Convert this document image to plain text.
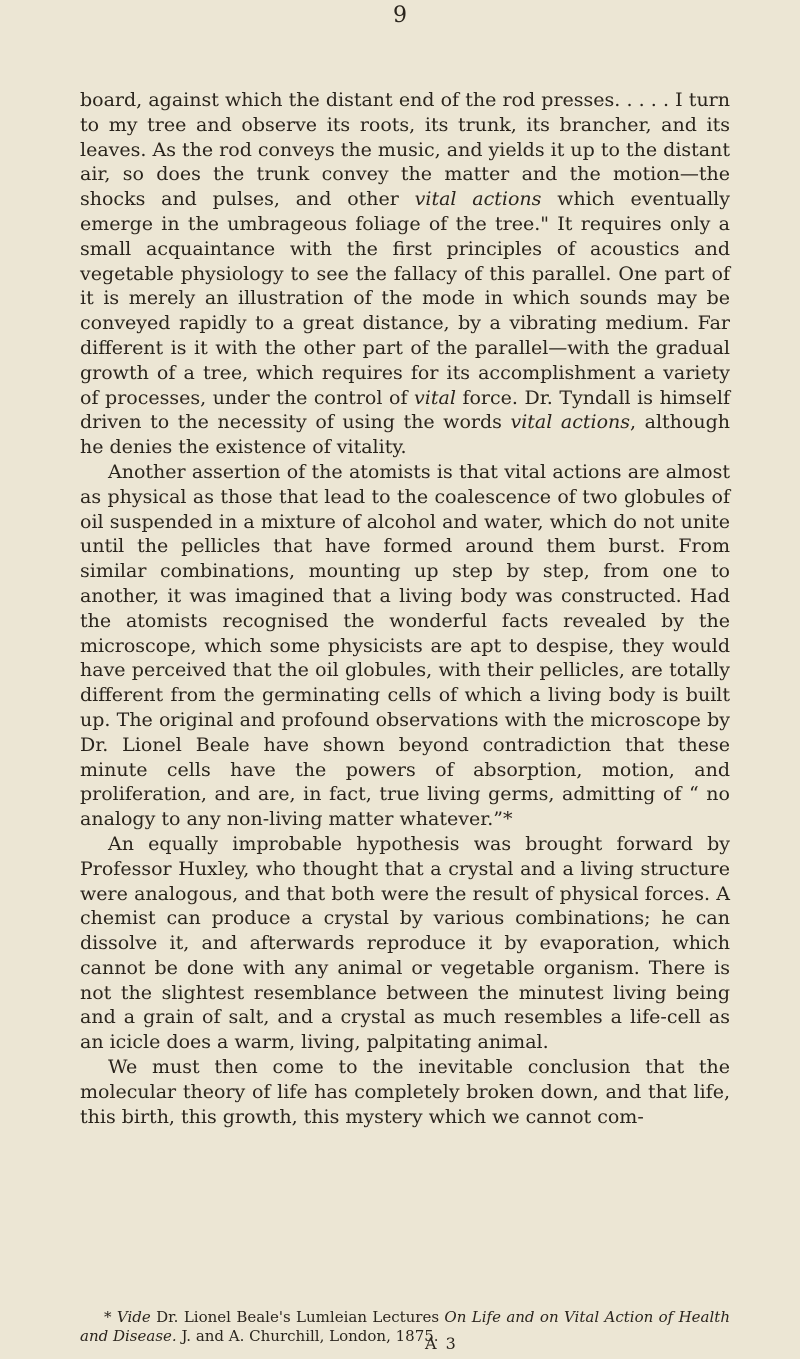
9

board, against which the distant end of the rod presses. . . . . I turn to my tree and observe its roots, its trunk, its brancher, and its leaves. As the rod conveys the music, and yields it up to the distant air, so does the trunk convey the matter and the motion—the shocks and pulses, and other vital actions which eventually emerge in the umbrageous foliage of the tree." It requires only a small acquaintance with the first principles of acoustics and vegetable physiology to see the fallacy of this parallel. One part of it is merely an illustration of the mode in which sounds may be conveyed rapidly to a great distance, by a vibrating medium. Far different is it with the other part of the parallel—with the gradual growth of a tree, which requires for its accomplishment a variety of processes, under the control of vital force. Dr. Tyndall is himself driven to the necessity of using the words vital actions, although he denies the existence of vitality.

Another assertion of the atomists is that vital actions are almost as physical as those that lead to the coalescence of two globules of oil suspended in a mixture of alcohol and water, which do not unite until the pellicles that have formed around them burst. From similar combinations, mounting up step by step, from one to another, it was imagined that a living body was constructed. Had the atomists recognised the wonderful facts revealed by the microscope, which some physicists are apt to despise, they would have perceived that the oil globules, with their pellicles, are totally different from the germinating cells of which a living body is built up. The original and profound observations with the microscope by Dr. Lionel Beale have shown beyond contradiction that these minute cells have the powers of absorption, motion, and proliferation, and are, in fact, true living germs, admitting of “ no analogy to any non-living matter whatever.”*

An equally improbable hypothesis was brought forward by Professor Huxley, who thought that a crystal and a living structure were analogous, and that both were the result of physical forces. A chemist can produce a crystal by various combinations; he can dissolve it, and afterwards reproduce it by evaporation, which cannot be done with any animal or vegetable organism. There is not the slightest resemblance between the minutest living being and a grain of salt, and a crystal as much resembles a life-cell as an icicle does a warm, living, palpitating animal.

We must then come to the inevitable conclusion that the molecular theory of life has completely broken down, and that life, this birth, this growth, this mystery which we cannot com-

* Vide Dr. Lionel Beale's Lumleian Lectures On Life and on Vital Action of Health and Disease. J. and A. Churchill, London, 1875.
A 3
